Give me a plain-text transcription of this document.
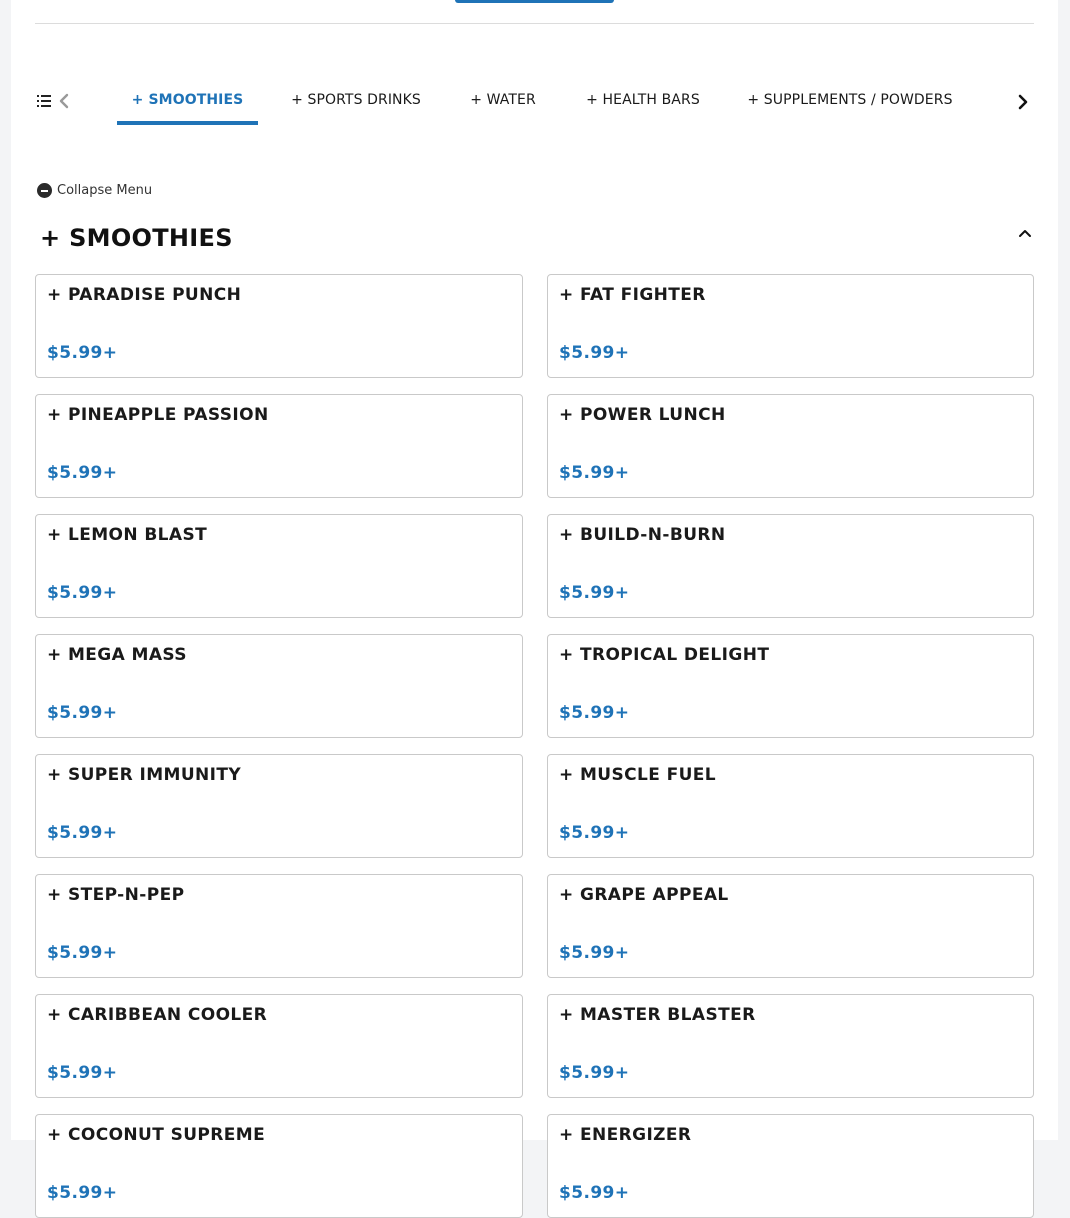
+ SMOOTHIES	+ SPORTS DRINKS	+ WATER	+ HEALTH BARS	+ SUPPLEMENTS / POWDERS
Collapse Menu
+ SMOOTHIES
+ PARADISE PUNCH
$5.99+
+ FAT FIGHTER
$5.99+
+ PINEAPPLE PASSION
$5.99+
+ POWER LUNCH
$5.99+
+ LEMON BLAST
$5.99+
+ BUILD-N-BURN
$5.99+
+ MEGA MASS
$5.99+
+ TROPICAL DELIGHT
$5.99+
+ SUPER IMMUNITY
$5.99+
+ MUSCLE FUEL
$5.99+
+ STEP-N-PEP
$5.99+
+ GRAPE APPEAL
$5.99+
+ CARIBBEAN COOLER
$5.99+
+ MASTER BLASTER
$5.99+
+ COCONUT SUPREME
$5.99+
+ ENERGIZER
$5.99+
